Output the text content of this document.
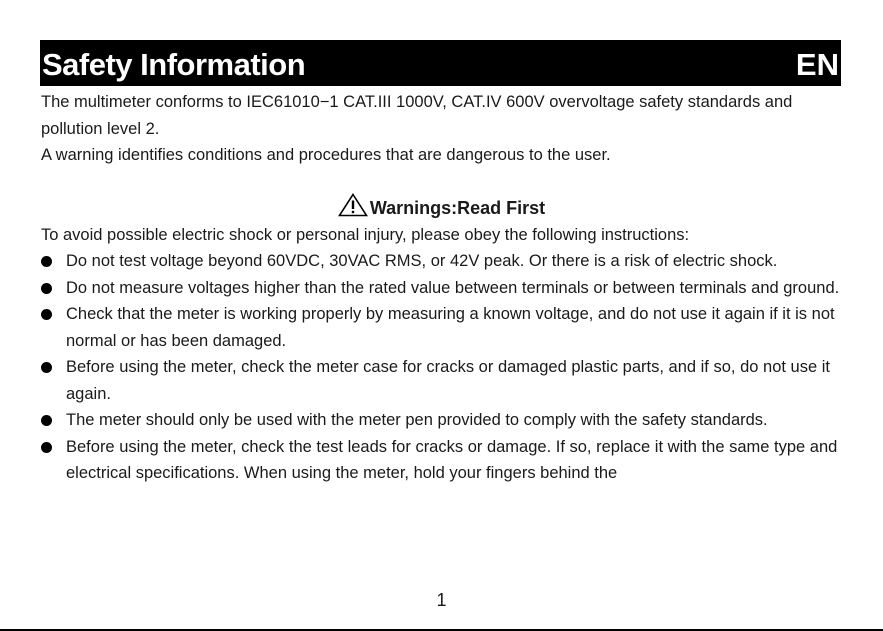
Safety Information	EN
The multimeter conforms to IEC61010−1 CAT.III 1000V, CAT.IV 600V overvoltage safety standards and pollution level 2.
A warning identifies conditions and procedures that are dangerous to the user.
Warnings:Read First
To avoid possible electric shock or personal injury, please obey the following instructions:
Do not test voltage beyond 60VDC, 30VAC RMS, or 42V peak. Or there is a risk of electric shock.
Do not measure voltages higher than the rated value between terminals or between terminals and ground.
Check that the meter is working properly by measuring a known voltage, and do not use it again if it is not normal or has been damaged.
Before using the meter, check the meter case for cracks or damaged plastic parts, and if so, do not use it again.
The meter should only be used with the meter pen provided to comply with the safety standards.
Before using the meter, check the test leads for cracks or damage. If so, replace it with the same type and electrical specifications. When using the meter, hold your fingers behind the
1
